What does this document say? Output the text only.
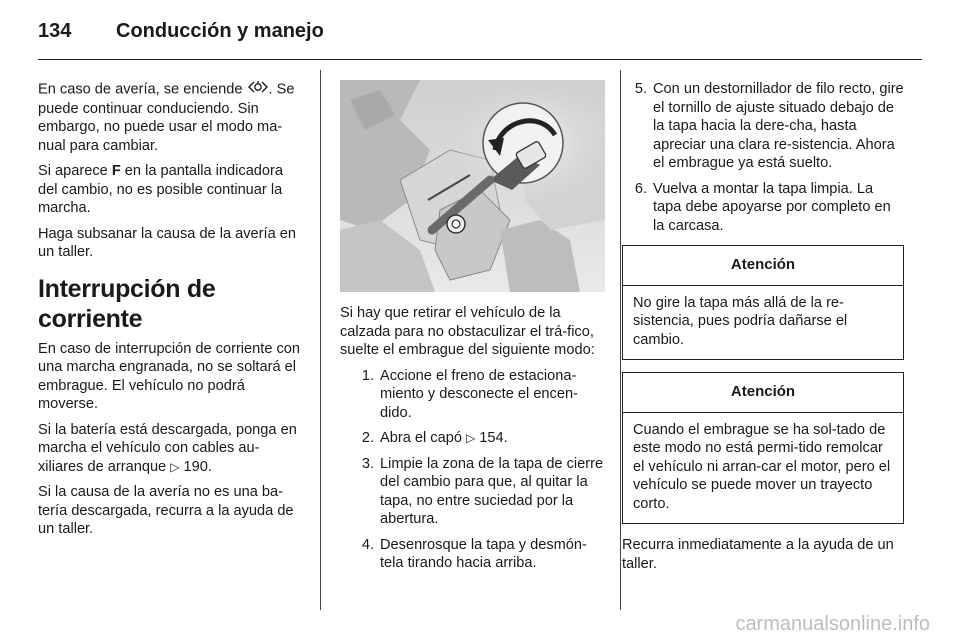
134	Conducción y manejo

En caso de avería, se enciende . Se puede continuar conduciendo. Sin embargo, no puede usar el modo ma-nual para cambiar.

Si aparece F en la pantalla indicadora del cambio, no es posible continuar la marcha.

Haga subsanar la causa de la avería en un taller.

Interrupción de corriente

En caso de interrupción de corriente con una marcha engranada, no se soltará el embrague. El vehículo no podrá moverse.

Si la batería está descargada, ponga en marcha el vehículo con cables au-xiliares de arranque ▷ 190.

Si la causa de la avería no es una ba-tería descargada, recurra a la ayuda de un taller.

Si hay que retirar el vehículo de la calzada para no obstaculizar el trá-fico, suelte el embrague del siguiente modo:

1. Accione el freno de estaciona-miento y desconecte el encen-dido.
2. Abra el capó ▷ 154.
3. Limpie la zona de la tapa de cierre del cambio para que, al quitar la tapa, no entre suciedad por la abertura.
4. Desenrosque la tapa y desmón-tela tirando hacia arriba.
5. Con un destornillador de filo recto, gire el tornillo de ajuste situado debajo de la tapa hacia la dere-cha, hasta apreciar una clara re-sistencia. Ahora el embrague ya está suelto.
6. Vuelva a montar la tapa limpia. La tapa debe apoyarse por completo en la carcasa.
Atención
No gire la tapa más allá de la re-sistencia, pues podría dañarse el cambio.
Atención
Cuando el embrague se ha sol-tado de este modo no está permi-tido remolcar el vehículo ni arran-car el motor, pero el vehículo se puede mover un trayecto corto.

Recurra inmediatamente a la ayuda de un taller.

carmanualsonline.info
